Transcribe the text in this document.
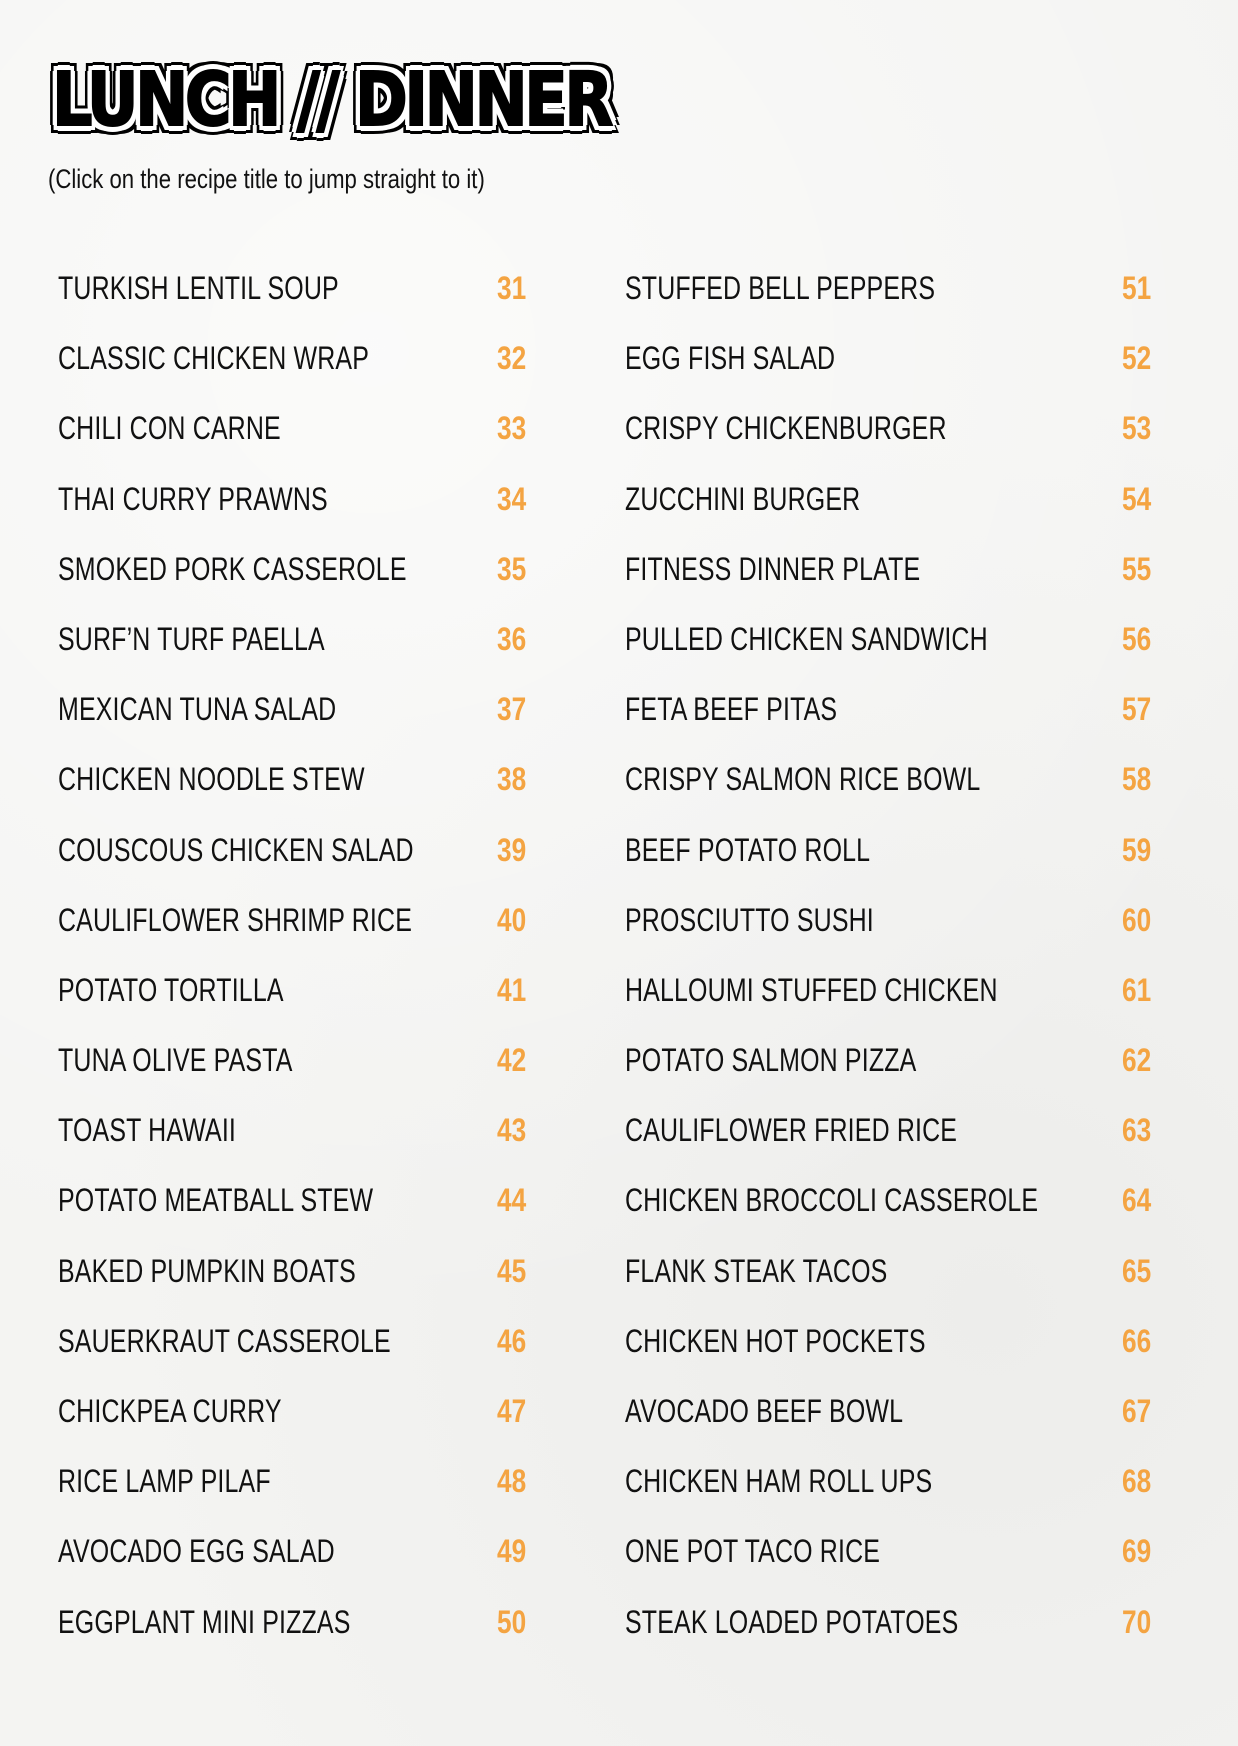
LUNCH // DINNER
(Click on the recipe title to jump straight to it)
TURKISH LENTIL SOUP	31
CLASSIC CHICKEN WRAP	32
CHILI CON CARNE	33
THAI CURRY PRAWNS	34
SMOKED PORK CASSEROLE	35
SURF’N TURF PAELLA	36
MEXICAN TUNA SALAD	37
CHICKEN NOODLE STEW	38
COUSCOUS CHICKEN SALAD	39
CAULIFLOWER SHRIMP RICE	40
POTATO TORTILLA	41
TUNA OLIVE PASTA	42
TOAST HAWAII	43
POTATO MEATBALL STEW	44
BAKED PUMPKIN BOATS	45
SAUERKRAUT CASSEROLE	46
CHICKPEA CURRY	47
RICE LAMP PILAF	48
AVOCADO EGG SALAD	49
EGGPLANT MINI PIZZAS	50
STUFFED BELL PEPPERS	51
EGG FISH SALAD	52
CRISPY CHICKENBURGER	53
ZUCCHINI BURGER	54
FITNESS DINNER PLATE	55
PULLED CHICKEN SANDWICH	56
FETA BEEF PITAS	57
CRISPY SALMON RICE BOWL	58
BEEF POTATO ROLL	59
PROSCIUTTO SUSHI	60
HALLOUMI STUFFED CHICKEN	61
POTATO SALMON PIZZA	62
CAULIFLOWER FRIED RICE	63
CHICKEN BROCCOLI CASSEROLE	64
FLANK STEAK TACOS	65
CHICKEN HOT POCKETS	66
AVOCADO BEEF BOWL	67
CHICKEN HAM ROLL UPS	68
ONE POT TACO RICE	69
STEAK LOADED POTATOES	70
